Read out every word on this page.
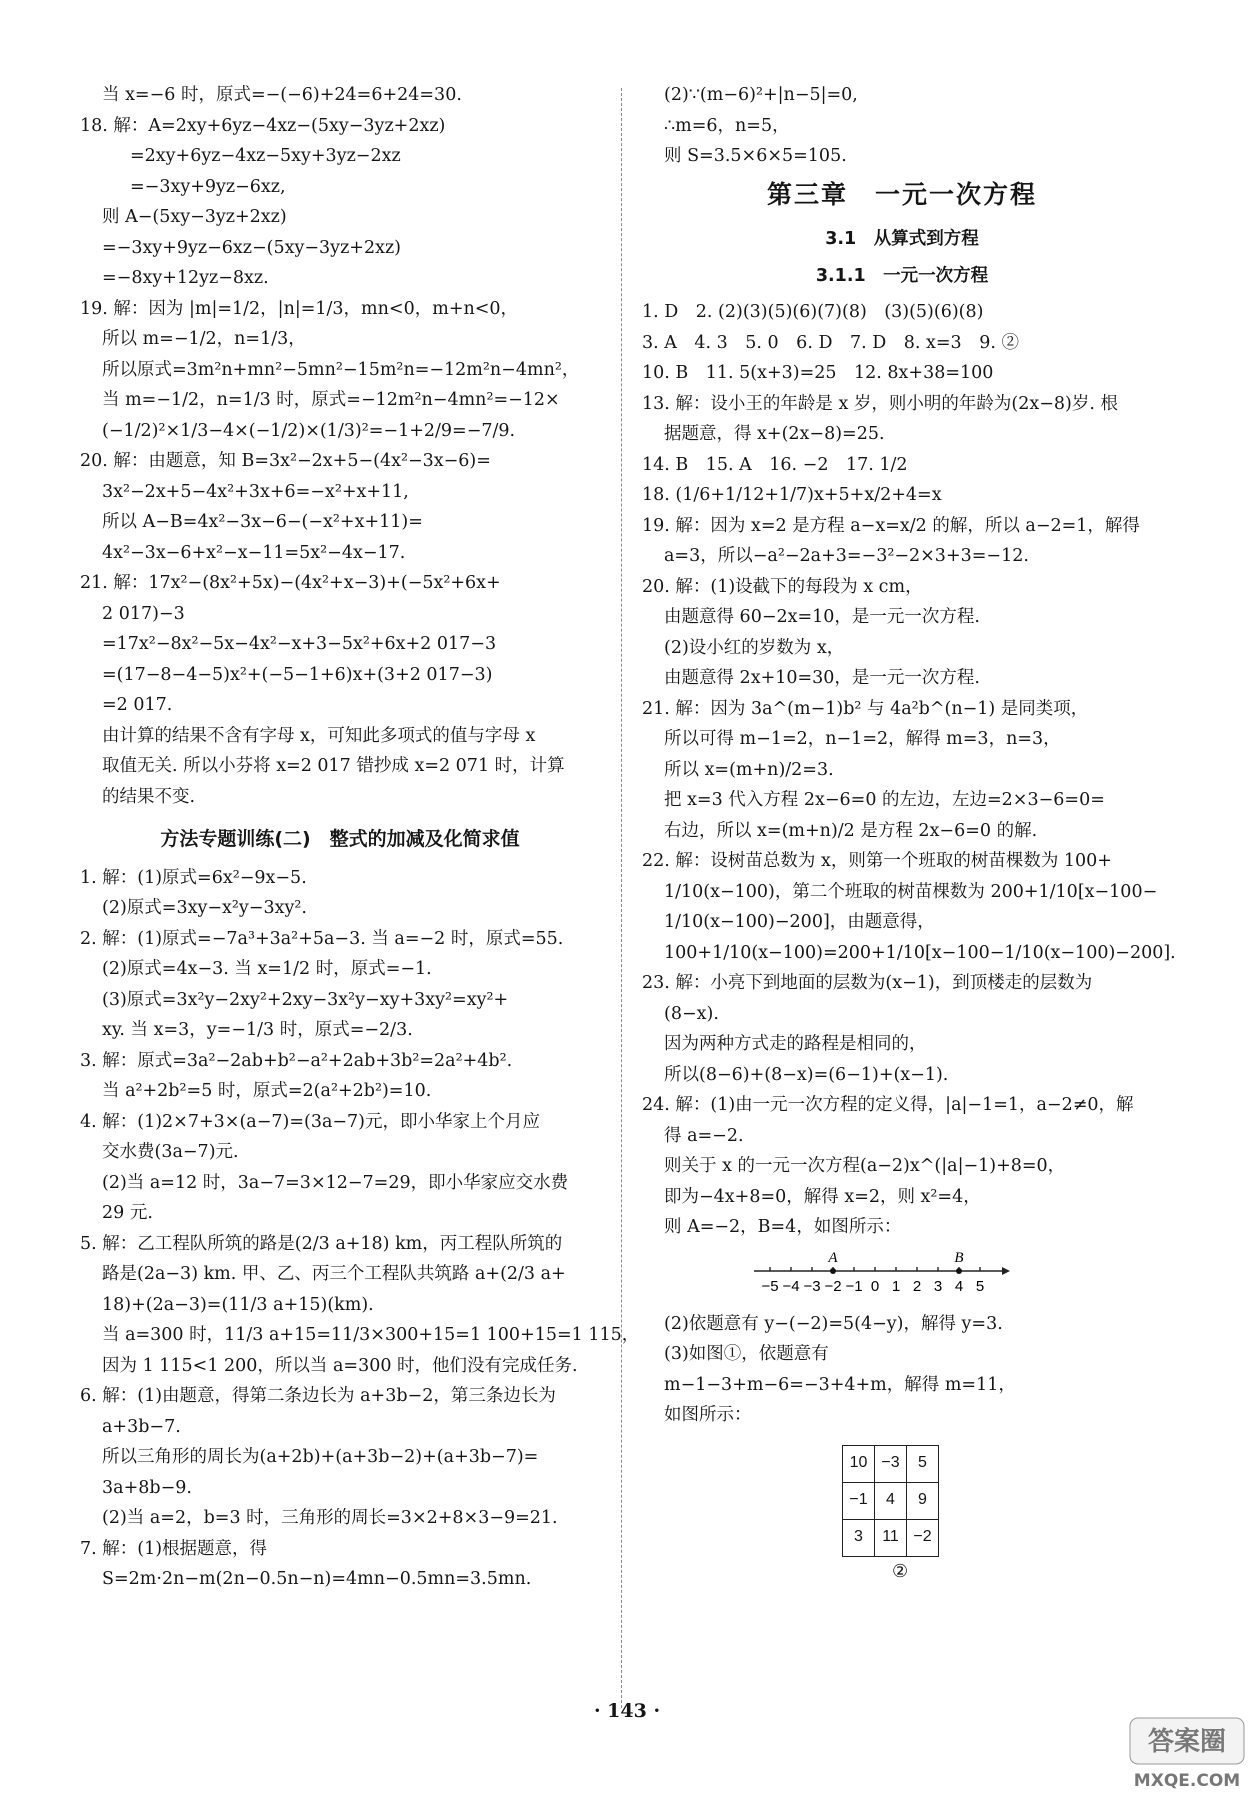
当 x=−6 时，原式=−(−6)+24=6+24=30.
18. 解：A=2xy+6yz−4xz−(5xy−3yz+2xz)
=2xy+6yz−4xz−5xy+3yz−2xz
=−3xy+9yz−6xz,
则 A−(5xy−3yz+2xz)
=−3xy+9yz−6xz−(5xy−3yz+2xz)
=−8xy+12yz−8xz.
19. 解：因为 |m|=1/2，|n|=1/3，mn<0，m+n<0，
所以 m=−1/2，n=1/3，
所以原式=3m²n+mn²−5mn²−15m²n=−12m²n−4mn²，
当 m=−1/2，n=1/3 时，原式=−12m²n−4mn²=−12×
(−1/2)²×1/3−4×(−1/2)×(1/3)²=−1+2/9=−7/9.
20. 解：由题意，知 B=3x²−2x+5−(4x²−3x−6)=
3x²−2x+5−4x²+3x+6=−x²+x+11,
所以 A−B=4x²−3x−6−(−x²+x+11)=
4x²−3x−6+x²−x−11=5x²−4x−17.
21. 解：17x²−(8x²+5x)−(4x²+x−3)+(−5x²+6x+
2 017)−3
=17x²−8x²−5x−4x²−x+3−5x²+6x+2 017−3
=(17−8−4−5)x²+(−5−1+6)x+(3+2 017−3)
=2 017.
由计算的结果不含有字母 x，可知此多项式的值与字母 x
取值无关. 所以小芬将 x=2 017 错抄成 x=2 071 时，计算
的结果不变.
方法专题训练(二)　整式的加减及化简求值
1. 解：(1)原式=6x²−9x−5.
(2)原式=3xy−x²y−3xy².
2. 解：(1)原式=−7a³+3a²+5a−3. 当 a=−2 时，原式=55.
(2)原式=4x−3. 当 x=1/2 时，原式=−1.
(3)原式=3x²y−2xy²+2xy−3x²y−xy+3xy²=xy²+
xy. 当 x=3，y=−1/3 时，原式=−2/3.
3. 解：原式=3a²−2ab+b²−a²+2ab+3b²=2a²+4b².
当 a²+2b²=5 时，原式=2(a²+2b²)=10.
4. 解：(1)2×7+3×(a−7)=(3a−7)元，即小华家上个月应
交水费(3a−7)元.
(2)当 a=12 时，3a−7=3×12−7=29，即小华家应交水费
29 元.
5. 解：乙工程队所筑的路是(2/3 a+18) km，丙工程队所筑的
路是(2a−3) km. 甲、乙、丙三个工程队共筑路 a+(2/3 a+
18)+(2a−3)=(11/3 a+15)(km).
当 a=300 时，11/3 a+15=11/3×300+15=1 100+15=1 115，
因为 1 115<1 200，所以当 a=300 时，他们没有完成任务.
6. 解：(1)由题意，得第二条边长为 a+3b−2，第三条边长为
a+3b−7.
所以三角形的周长为(a+2b)+(a+3b−2)+(a+3b−7)=
3a+8b−9.
(2)当 a=2，b=3 时，三角形的周长=3×2+8×3−9=21.
7. 解：(1)根据题意，得
S=2m·2n−m(2n−0.5n−n)=4mn−0.5mn=3.5mn.
(2)∵(m−6)²+|n−5|=0,
∴m=6，n=5，
则 S=3.5×6×5=105.
第三章　一元一次方程
3.1　从算式到方程
3.1.1　一元一次方程
1. D　2. (2)(3)(5)(6)(7)(8)　(3)(5)(6)(8)
3. A　4. 3　5. 0　6. D　7. D　8. x=3　9. ②
10. B　11. 5(x+3)=25　12. 8x+38=100
13. 解：设小王的年龄是 x 岁，则小明的年龄为(2x−8)岁. 根
据题意，得 x+(2x−8)=25.
14. B　15. A　16. −2　17. 1/2
18. (1/6+1/12+1/7)x+5+x/2+4=x
19. 解：因为 x=2 是方程 a−x=x/2 的解，所以 a−2=1，解得
a=3，所以−a²−2a+3=−3²−2×3+3=−12.
20. 解：(1)设截下的每段为 x cm，
由题意得 60−2x=10，是一元一次方程.
(2)设小红的岁数为 x，
由题意得 2x+10=30，是一元一次方程.
21. 解：因为 3a^(m−1)b² 与 4a²b^(n−1) 是同类项，
所以可得 m−1=2，n−1=2，解得 m=3，n=3，
所以 x=(m+n)/2=3.
把 x=3 代入方程 2x−6=0 的左边，左边=2×3−6=0=
右边，所以 x=(m+n)/2 是方程 2x−6=0 的解.
22. 解：设树苗总数为 x，则第一个班取的树苗棵数为 100+
1/10(x−100)，第二个班取的树苗棵数为 200+1/10[x−100−
1/10(x−100)−200]，由题意得，
100+1/10(x−100)=200+1/10[x−100−1/10(x−100)−200].
23. 解：小亮下到地面的层数为(x−1)，到顶楼走的层数为
(8−x).
因为两种方式走的路程是相同的，
所以(8−6)+(8−x)=(6−1)+(x−1).
24. 解：(1)由一元一次方程的定义得，|a|−1=1，a−2≠0，解
得 a=−2.
则关于 x 的一元一次方程(a−2)x^(|a|−1)+8=0，
即为−4x+8=0，解得 x=2，则 x²=4，
则 A=−2，B=4，如图所示：
−5 −4 −3 −2 −1 0 1 2 3 4 5
A	B
(2)依题意有 y−(−2)=5(4−y)，解得 y=3.
(3)如图①，依题意有
m−1−3+m−6=−3+4+m，解得 m=11，
如图所示：
10	−3	5
−1	4	9
3	11	−2
②
· 143 ·
答案圈
MXQE.COM
